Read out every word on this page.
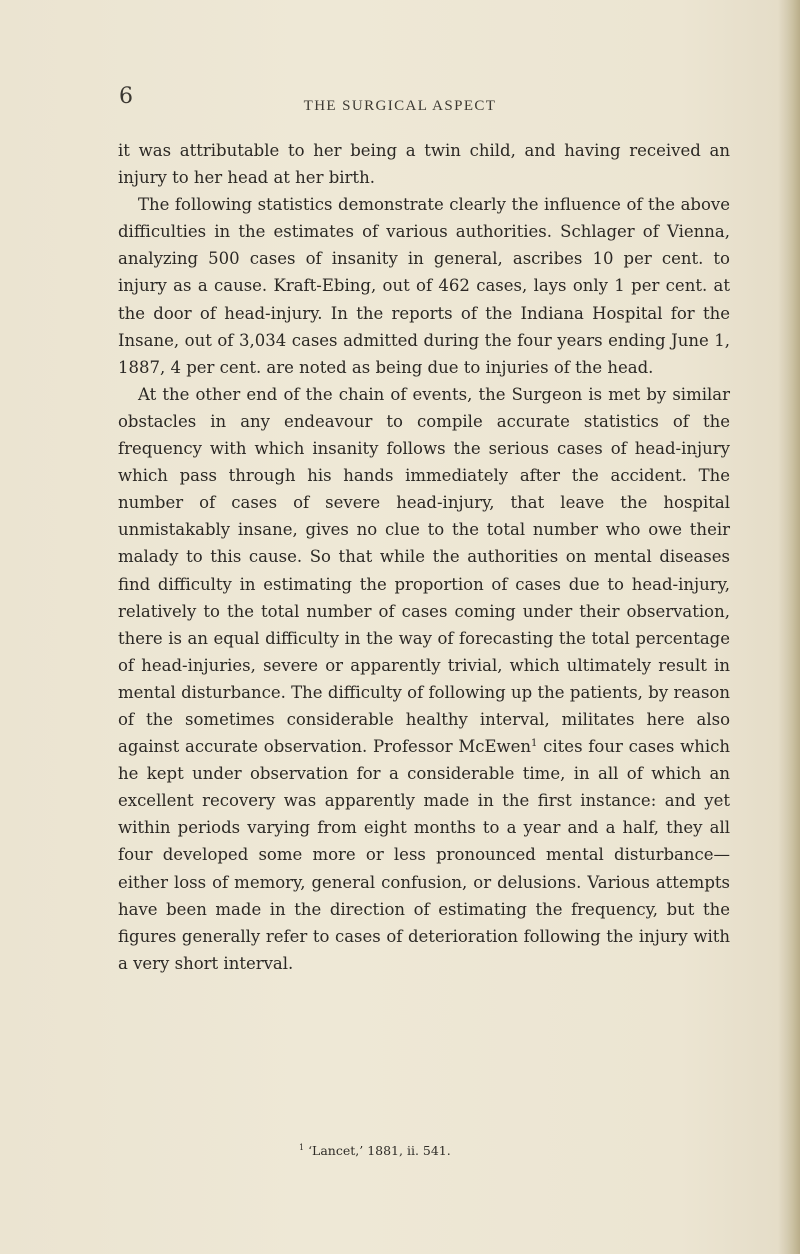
6	THE SURGICAL ASPECT

it was attributable to her being a twin child, and having received an injury to her head at her birth.

The following statistics demonstrate clearly the influence of the above difficulties in the estimates of various authorities. Schlager of Vienna, analyzing 500 cases of insanity in general, ascribes 10 per cent. to injury as a cause. Kraft-Ebing, out of 462 cases, lays only 1 per cent. at the door of head-injury. In the reports of the Indiana Hospital for the Insane, out of 3,034 cases admitted during the four years ending June 1, 1887, 4 per cent. are noted as being due to injuries of the head.

At the other end of the chain of events, the Surgeon is met by similar obstacles in any endeavour to compile accurate statistics of the frequency with which insanity follows the serious cases of head-injury which pass through his hands immediately after the accident. The number of cases of severe head-injury, that leave the hospital unmistakably insane, gives no clue to the total number who owe their malady to this cause. So that while the authorities on mental diseases find difficulty in estimating the proportion of cases due to head-injury, relatively to the total number of cases coming under their observation, there is an equal difficulty in the way of forecasting the total percentage of head-injuries, severe or apparently trivial, which ultimately result in mental disturbance. The difficulty of following up the patients, by reason of the sometimes considerable healthy interval, militates here also against accurate observation. Professor McEwen$^1$ cites four cases which he kept under observation for a considerable time, in all of which an excellent recovery was apparently made in the first instance: and yet within periods varying from eight months to a year and a half, they all four developed some more or less pronounced mental disturbance—either loss of memory, general confusion, or delusions. Various attempts have been made in the direction of estimating the frequency, but the figures generally refer to cases of deterioration following the injury with a very short interval.

$^1$ ‘Lancet,’ 1881, ii. 541.
